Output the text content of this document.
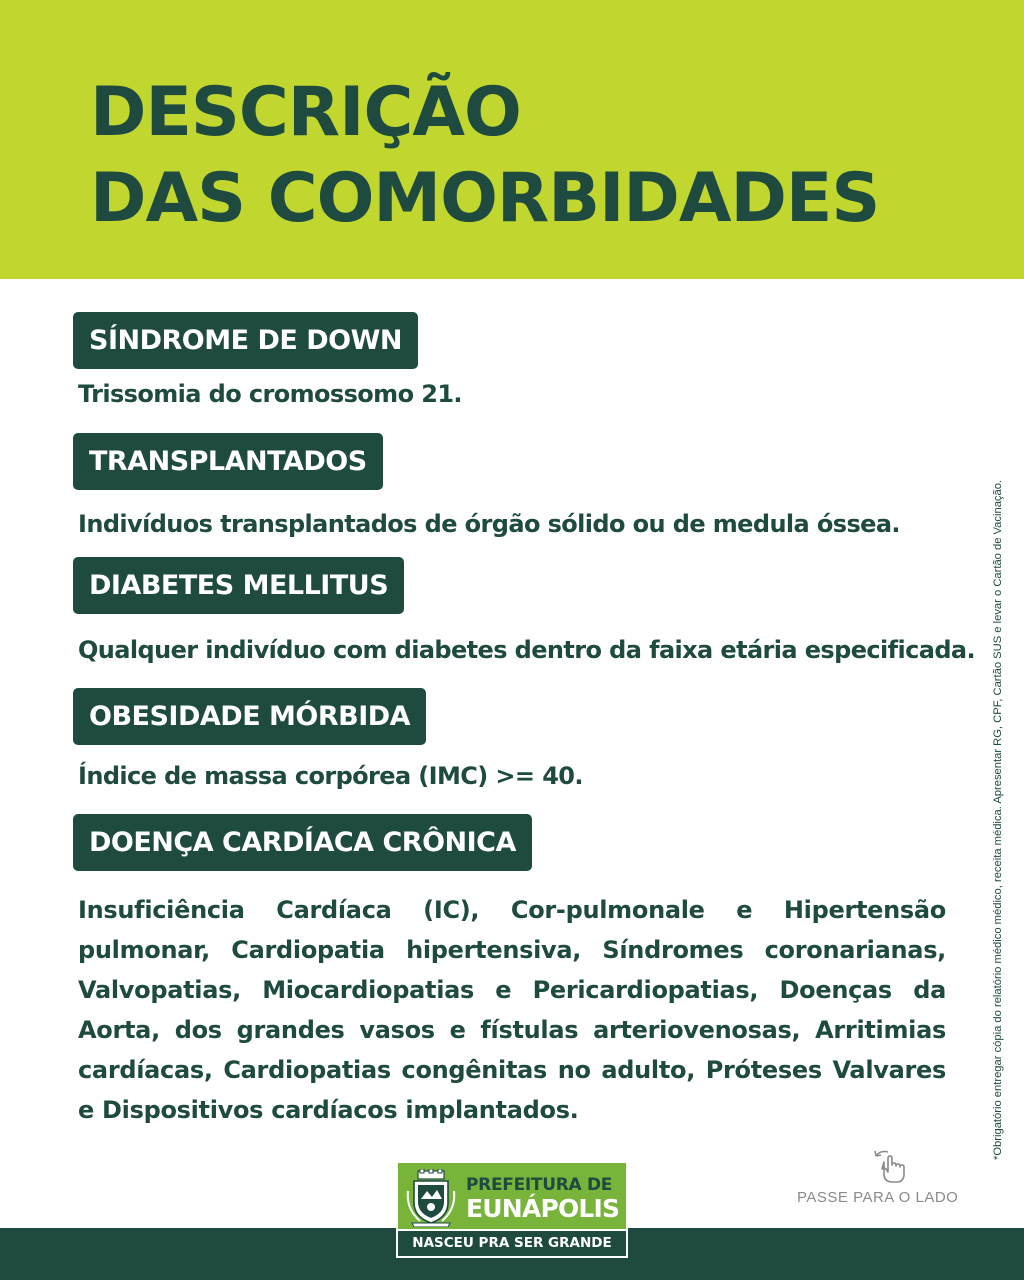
DESCRIÇÃO
DAS COMORBIDADES
SÍNDROME DE DOWN
Trissomia do cromossomo 21.
TRANSPLANTADOS
Indivíduos transplantados de órgão sólido ou de medula óssea.
DIABETES MELLITUS
Qualquer indivíduo com diabetes dentro da faixa etária especificada.
OBESIDADE MÓRBIDA
Índice de massa corpórea (IMC) >= 40.
DOENÇA CARDÍACA CRÔNICA
Insuficiência Cardíaca (IC), Cor-pulmonale e Hipertensão pulmonar, Cardiopatia hipertensiva, Síndromes coronarianas, Valvopatias, Miocardiopatias e Pericardiopatias, Doenças da Aorta, dos grandes vasos e fístulas arteriovenosas, Arritimias cardíacas, Cardiopatias congênitas no adulto, Próteses Valvares e Dispositivos cardíacos implantados.	*Obrigatório entregar cópia do relatório médico médico, receita médica. Apresentar RG, CPF, Cartão SUS e levar o Cartão de Vacinação.
PREFEITURA DE
EUNÁPOLIS
NASCEU PRA SER GRANDE
PASSE PARA O LADO
